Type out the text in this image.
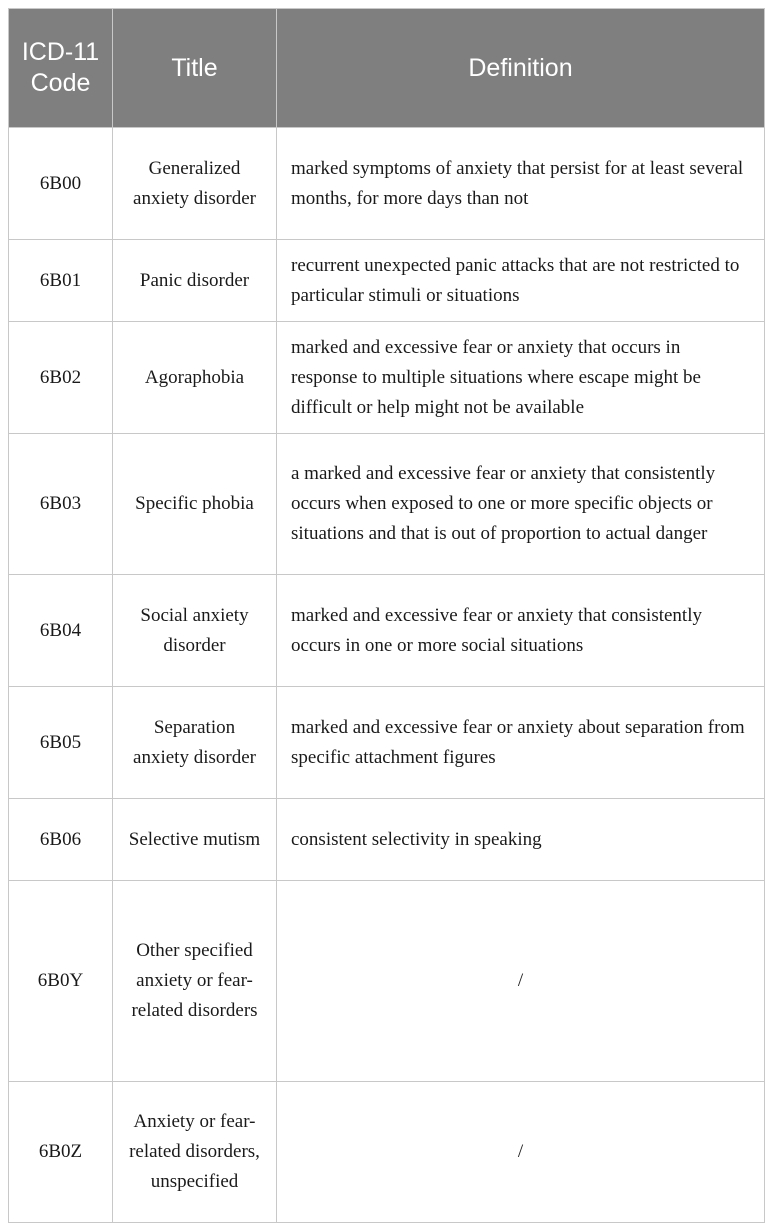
ICD-11 Code	Title	Definition
6B00	Generalized anxiety disorder	marked symptoms of anxiety that persist for at least several months, for more days than not
6B01	Panic disorder	recurrent unexpected panic attacks that are not restricted to particular stimuli or situations
6B02	Agoraphobia	marked and excessive fear or anxiety that occurs in response to multiple situations where escape might be difficult or help might not be available
6B03	Specific phobia	a marked and excessive fear or anxiety that consistently occurs when exposed to one or more specific objects or situations and that is out of proportion to actual danger
6B04	Social anxiety disorder	marked and excessive fear or anxiety that consistently occurs in one or more social situations
6B05	Separation anxiety disorder	marked and excessive fear or anxiety about separation from specific attachment figures
6B06	Selective mutism	consistent selectivity in speaking
6B0Y	Other specified anxiety or fear-related disorders	/
6B0Z	Anxiety or fear-related disorders, unspecified	/
